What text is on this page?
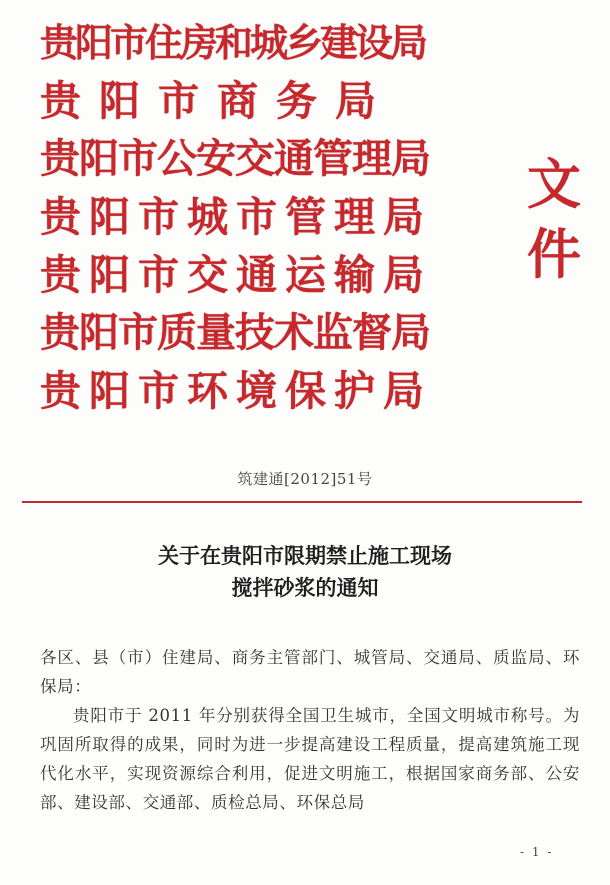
贵阳市住房和城乡建设局
贵阳市商务局
贵阳市公安交通管理局
贵阳市城市管理局
贵阳市交通运输局
贵阳市质量技术监督局
贵阳市环境保护局
文件
筑建通[2012]51号
关于在贵阳市限期禁止施工现场
搅拌砂浆的通知

各区、县（市）住建局、商务主管部门、城管局、交通局、质监局、环保局：

贵阳市于 2011 年分别获得全国卫生城市，全国文明城市称号。为巩固所取得的成果，同时为进一步提高建设工程质量，提高建筑施工现代化水平，实现资源综合利用，促进文明施工，根据国家商务部、公安部、建设部、交通部、质检总局、环保总局

- 1 -
